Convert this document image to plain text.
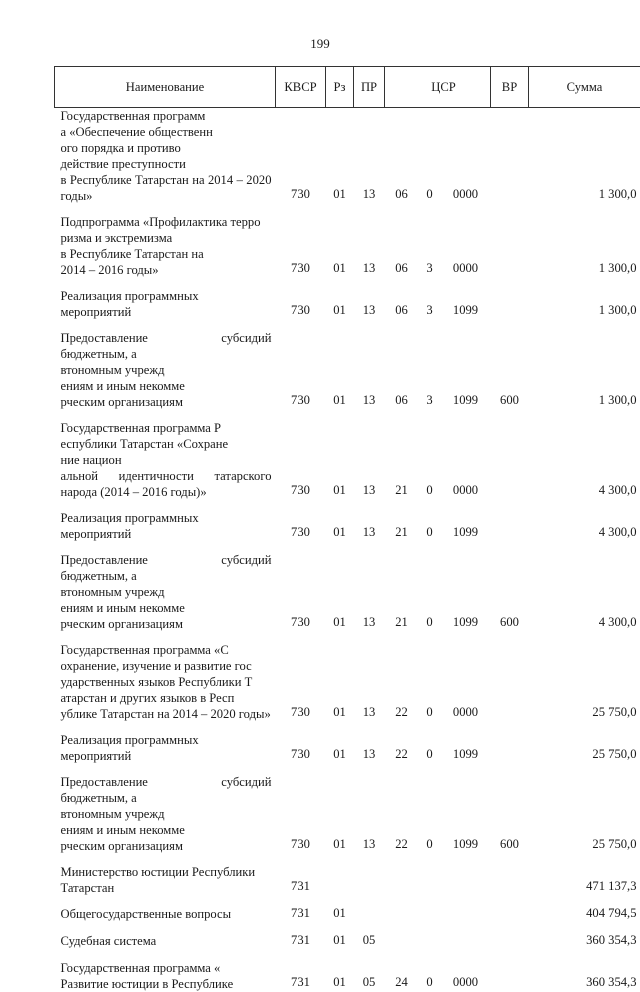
199
Наименование	КВСР	Рз	ПР	ЦСР			ВР	Сумма

Государственная программ
а «Обеспечение общественн
ого порядка и противо
действие преступности
в Республике Татарстан на 2014 – 2020 годы»	730	01	13	06	0	0000		1 300,0

Подпрограмма «Профилактика терро
ризма и экстремизма
в Республике Татарстан на
2014 – 2016 годы»	730	01	13	06	3	0000		1 300,0

Реализация программных
мероприятий	730	01	13	06	3	1099		1 300,0

Предоставление субсидий бюджетным, а
втономным учрежд
ениям и иным некомме
рческим организациям	730	01	13	06	3	1099	600	1 300,0

Государственная программа Р
еспублики Татарстан «Сохране
ние национ
альной идентичности татарского народа (2014 – 2016 годы)»	730	01	13	21	0	0000		4 300,0

Реализация программных
мероприятий	730	01	13	21	0	1099		4 300,0

Предоставление субсидий бюджетным, а
втономным учрежд
ениям и иным некомме
рческим организациям	730	01	13	21	0	1099	600	4 300,0

Государственная программа «С
охранение, изучение и развитие гос
ударственных языков Республики Т
атарстан и других языков в Респ
ублике Татарстан на 2014 – 2020 годы»	730	01	13	22	0	0000		25 750,0

Реализация программных
мероприятий	730	01	13	22	0	1099		25 750,0

Предоставление субсидий бюджетным, а
втономным учрежд
ениям и иным некомме
рческим организациям	730	01	13	22	0	1099	600	25 750,0

Министерство юстиции Республики
Татарстан	731							471 137,3

Общегосударственные вопросы	731	01						404 794,5

Судебная система	731	01	05					360 354,3

Государственная программа «
Развитие юстиции в Республике	731	01	05	24	0	0000		360 354,3
